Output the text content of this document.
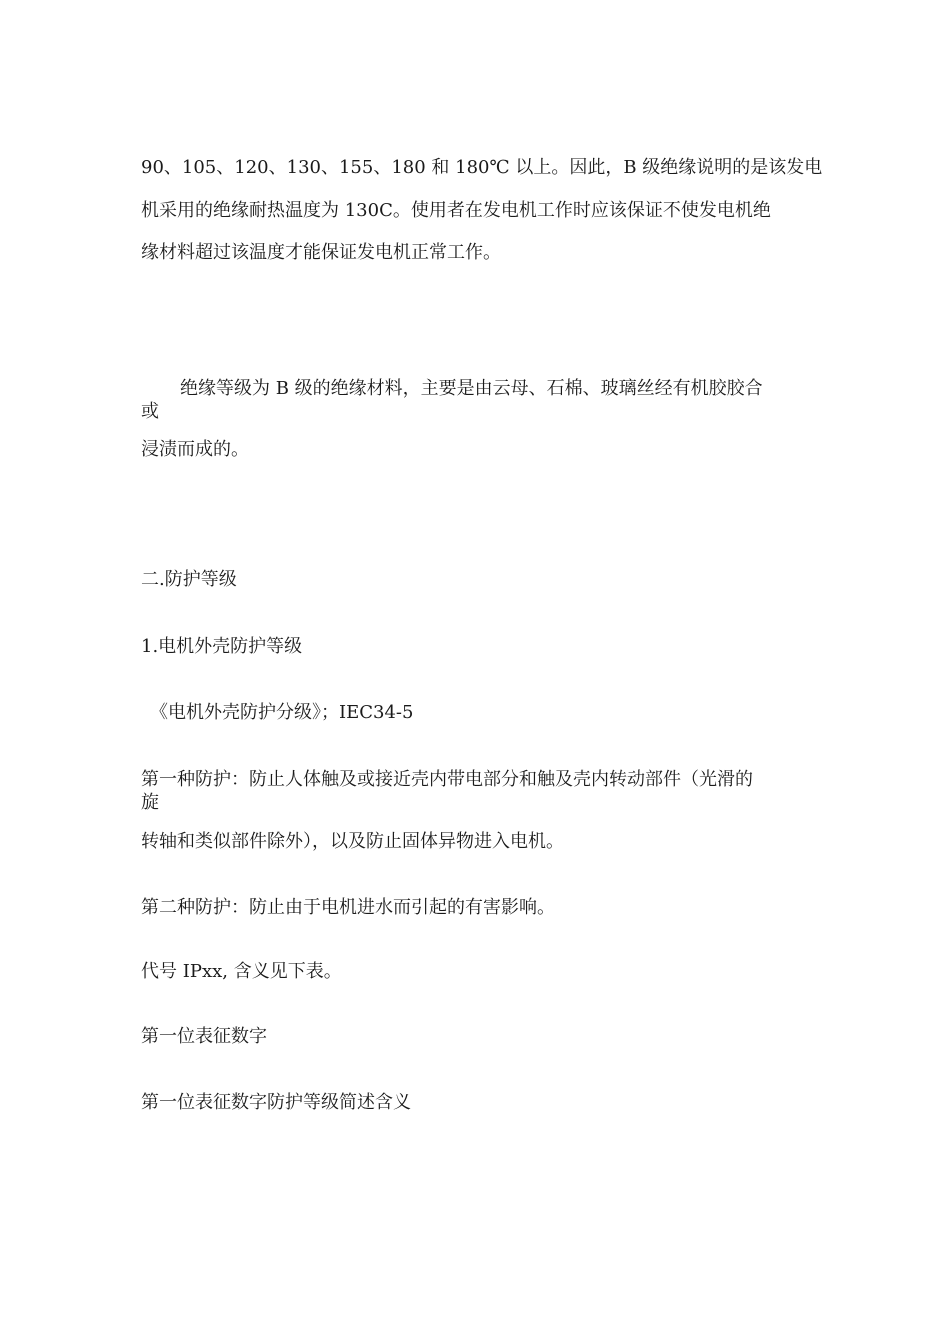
90、105、120、130、155、180 和 180℃ 以上。因此，B 级绝缘说明的是该发电
机采用的绝缘耐热温度为 130C。使用者在发电机工作时应该保证不使发电机绝
缘材料超过该温度才能保证发电机正常工作。
绝缘等级为 B 级的绝缘材料，主要是由云母、石棉、玻璃丝经有机胶胶合
或
浸渍而成的。
二.防护等级
1.电机外壳防护等级
《电机外壳防护分级》；IEC34-5
第一种防护：防止人体触及或接近壳内带电部分和触及壳内转动部件（光滑的
旋
转轴和类似部件除外），以及防止固体异物进入电机。
第二种防护：防止由于电机进水而引起的有害影响。
代号 IPxx, 含义见下表。
第一位表征数字
第一位表征数字防护等级简述含义
